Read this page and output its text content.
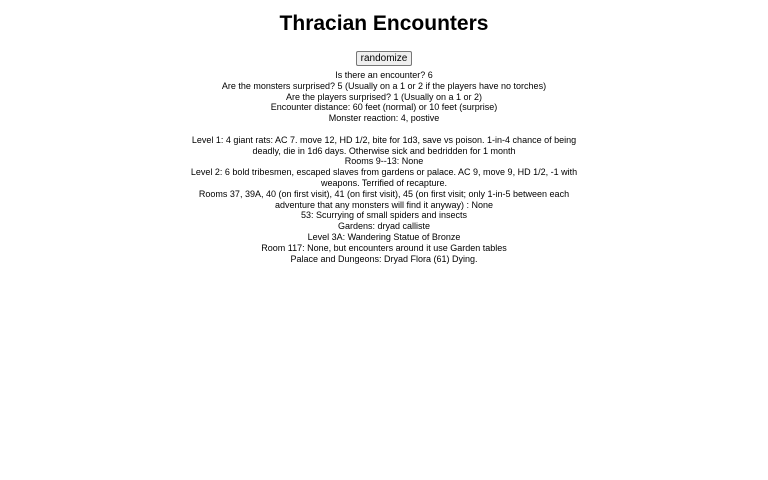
Thracian Encounters
randomize
Is there an encounter? 6
Are the monsters surprised? 5 (Usually on a 1 or 2 if the players have no torches)
Are the players surprised? 1 (Usually on a 1 or 2)
Encounter distance: 60 feet (normal) or 10 feet (surprise)
Monster reaction: 4, postive
Level 1: 4 giant rats: AC 7. move 12, HD 1/2, bite for 1d3, save vs poison. 1-in-4 chance of being deadly, die in 1d6 days. Otherwise sick and bedridden for 1 month
Rooms 9--13: None
Level 2: 6 bold tribesmen, escaped slaves from gardens or palace. AC 9, move 9, HD 1/2, -1 with weapons. Terrified of recapture.
Rooms 37, 39A, 40 (on first visit), 41 (on first visit), 45 (on first visit; only 1-in-5 between each adventure that any monsters will find it anyway) : None
53: Scurrying of small spiders and insects
Gardens: dryad calliste
Level 3A: Wandering Statue of Bronze
Room 117: None, but encounters around it use Garden tables
Palace and Dungeons: Dryad Flora (61) Dying.
